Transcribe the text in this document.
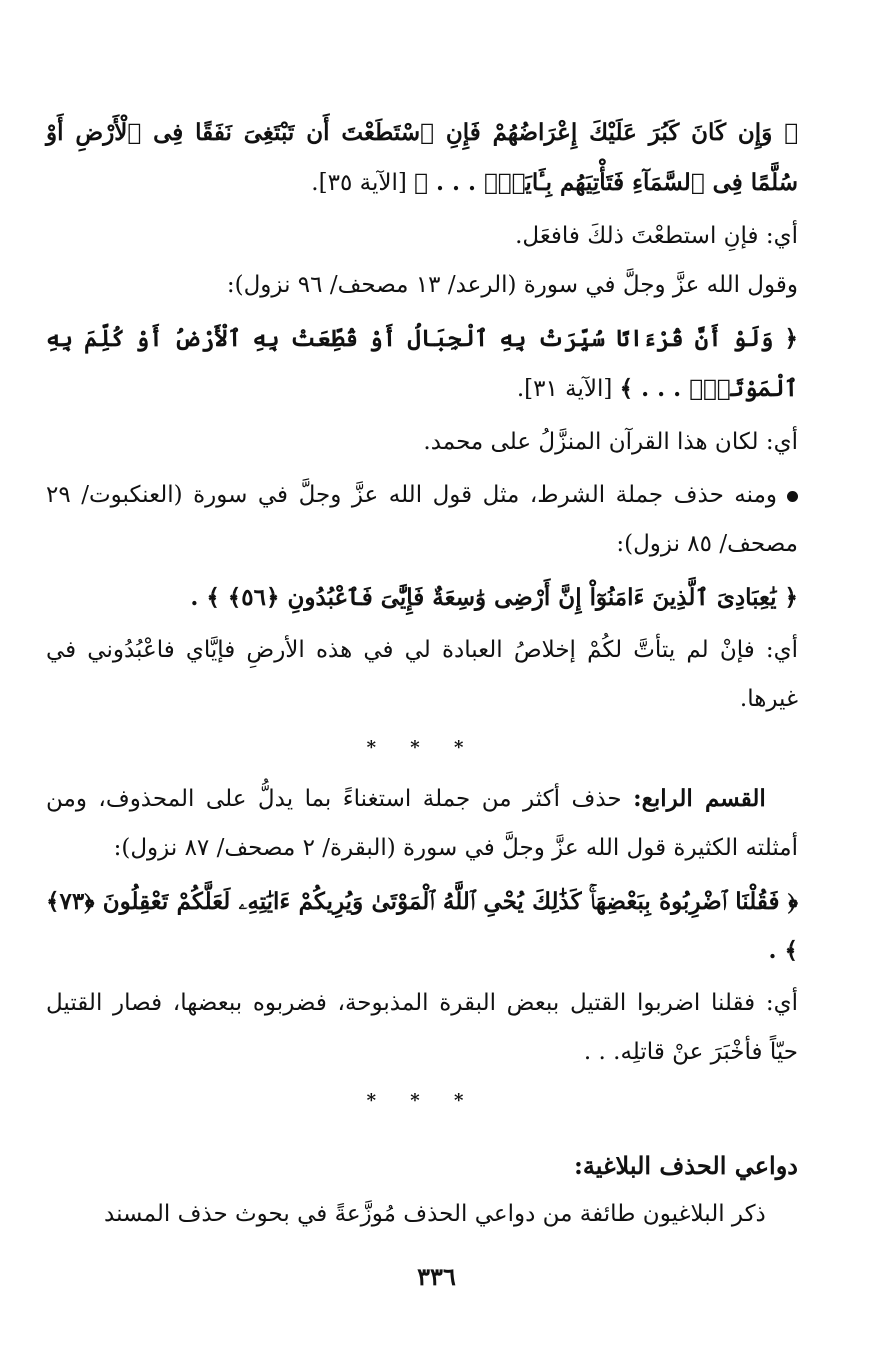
﴿ وَإِن كَانَ كَبُرَ عَلَيْكَ إِعْرَاضُهُمْ فَإِنِ ٱسْتَطَعْتَ أَن تَبْتَغِىَ نَفَقًا فِى ٱلْأَرْضِ أَوْ سُلَّمًا فِى ٱلسَّمَآءِ فَتَأْتِيَهُم بِـَٔايَةٍۚ . . . ﴾ [الآية ٣٥].

أي: فإنِ استطعْتَ ذلكَ فافعَل.

وقول الله عزَّ وجلَّ في سورة (الرعد/ ١٣ مصحف/ ٩٦ نزول):

﴿ وَلَوْ أَنَّ قُرْءَانًا سُيِّرَتْ بِهِ ٱلْجِبَالُ أَوْ قُطِّعَتْ بِهِ ٱلْأَرْضُ أَوْ كُلِّمَ بِهِ ٱلْمَوْتَىٰۗ . . . ﴾ [الآية ٣١].

أي: لكان هذا القرآن المنزَّلُ على محمد.

ومنه حذف جملة الشرط، مثل قول الله عزَّ وجلَّ في سورة (العنكبوت/ ٢٩ مصحف/ ٨٥ نزول):

﴿ يَٰعِبَادِىَ ٱلَّذِينَ ءَامَنُوٓاْ إِنَّ أَرْضِى وَٰسِعَةٌ فَإِيَّٰىَ فَٱعْبُدُونِ ﴿٥٦﴾ ﴾ .

أي: فإنْ لم يتأتَّ لكُمْ إخلاصُ العبادة لي في هذه الأرضِ فإيَّاي فاعْبُدُوني في غيرها.

* * *

القسم الرابع: حذف أكثر من جملة استغناءً بما يدلُّ على المحذوف، ومن أمثلته الكثيرة قول الله عزَّ وجلَّ في سورة (البقرة/ ٢ مصحف/ ٨٧ نزول):

﴿ فَقُلْنَا ٱضْرِبُوهُ بِبَعْضِهَاۚ كَذَٰلِكَ يُحْىِ ٱللَّهُ ٱلْمَوْتَىٰ وَيُرِيكُمْ ءَايَٰتِهِۦ لَعَلَّكُمْ تَعْقِلُونَ ﴿٧٣﴾ ﴾ .

أي: فقلنا اضربوا القتيل ببعض البقرة المذبوحة، فضربوه ببعضها، فصار القتيل حيّاً فأخْبَرَ عنْ قاتلِه. . .

* * *

دواعي الحذف البلاغية:

ذكر البلاغيون طائفة من دواعي الحذف مُوزَّعةً في بحوث حذف المسند

٣٣٦
